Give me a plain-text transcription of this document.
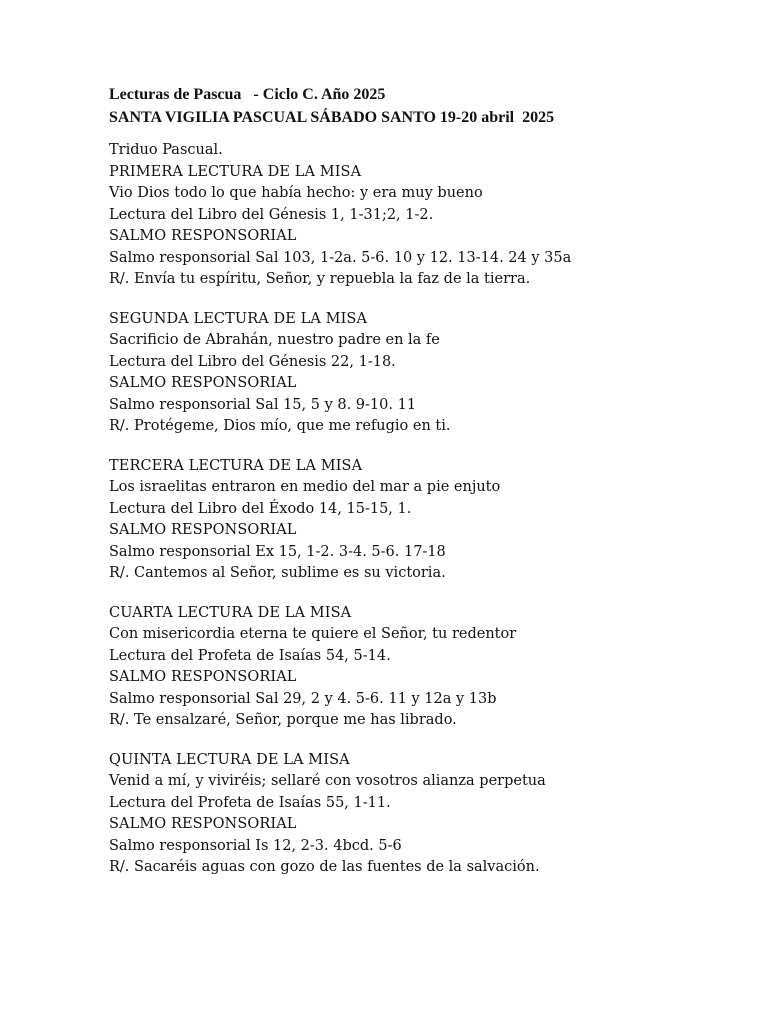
Lecturas de Pascua   - Ciclo C. Año 2025
SANTA VIGILIA PASCUAL SÁBADO SANTO 19-20 abril  2025
Triduo Pascual.
PRIMERA LECTURA DE LA MISA
Vio Dios todo lo que había hecho: y era muy bueno
Lectura del Libro del Génesis 1, 1-31;2, 1-2.
SALMO RESPONSORIAL
Salmo responsorial Sal 103, 1-2a. 5-6. 10 y 12. 13-14. 24 y 35a
R/. Envía tu espíritu, Señor, y repuebla la faz de la tierra.
SEGUNDA LECTURA DE LA MISA
Sacrificio de Abrahán, nuestro padre en la fe
Lectura del Libro del Génesis 22, 1-18.
SALMO RESPONSORIAL
Salmo responsorial Sal 15, 5 y 8. 9-10. 11
R/. Protégeme, Dios mío, que me refugio en ti.
TERCERA LECTURA DE LA MISA
Los israelitas entraron en medio del mar a pie enjuto
Lectura del Libro del Éxodo 14, 15-15, 1.
SALMO RESPONSORIAL
Salmo responsorial Ex 15, 1-2. 3-4. 5-6. 17-18
R/. Cantemos al Señor, sublime es su victoria.
CUARTA LECTURA DE LA MISA
Con misericordia eterna te quiere el Señor, tu redentor
Lectura del Profeta de Isaías 54, 5-14.
SALMO RESPONSORIAL
Salmo responsorial Sal 29, 2 y 4. 5-6. 11 y 12a y 13b
R/. Te ensalzaré, Señor, porque me has librado.
QUINTA LECTURA DE LA MISA
Venid a mí, y viviréis; sellaré con vosotros alianza perpetua
Lectura del Profeta de Isaías 55, 1-11.
SALMO RESPONSORIAL
Salmo responsorial Is 12, 2-3. 4bcd. 5-6
R/. Sacaréis aguas con gozo de las fuentes de la salvación.
